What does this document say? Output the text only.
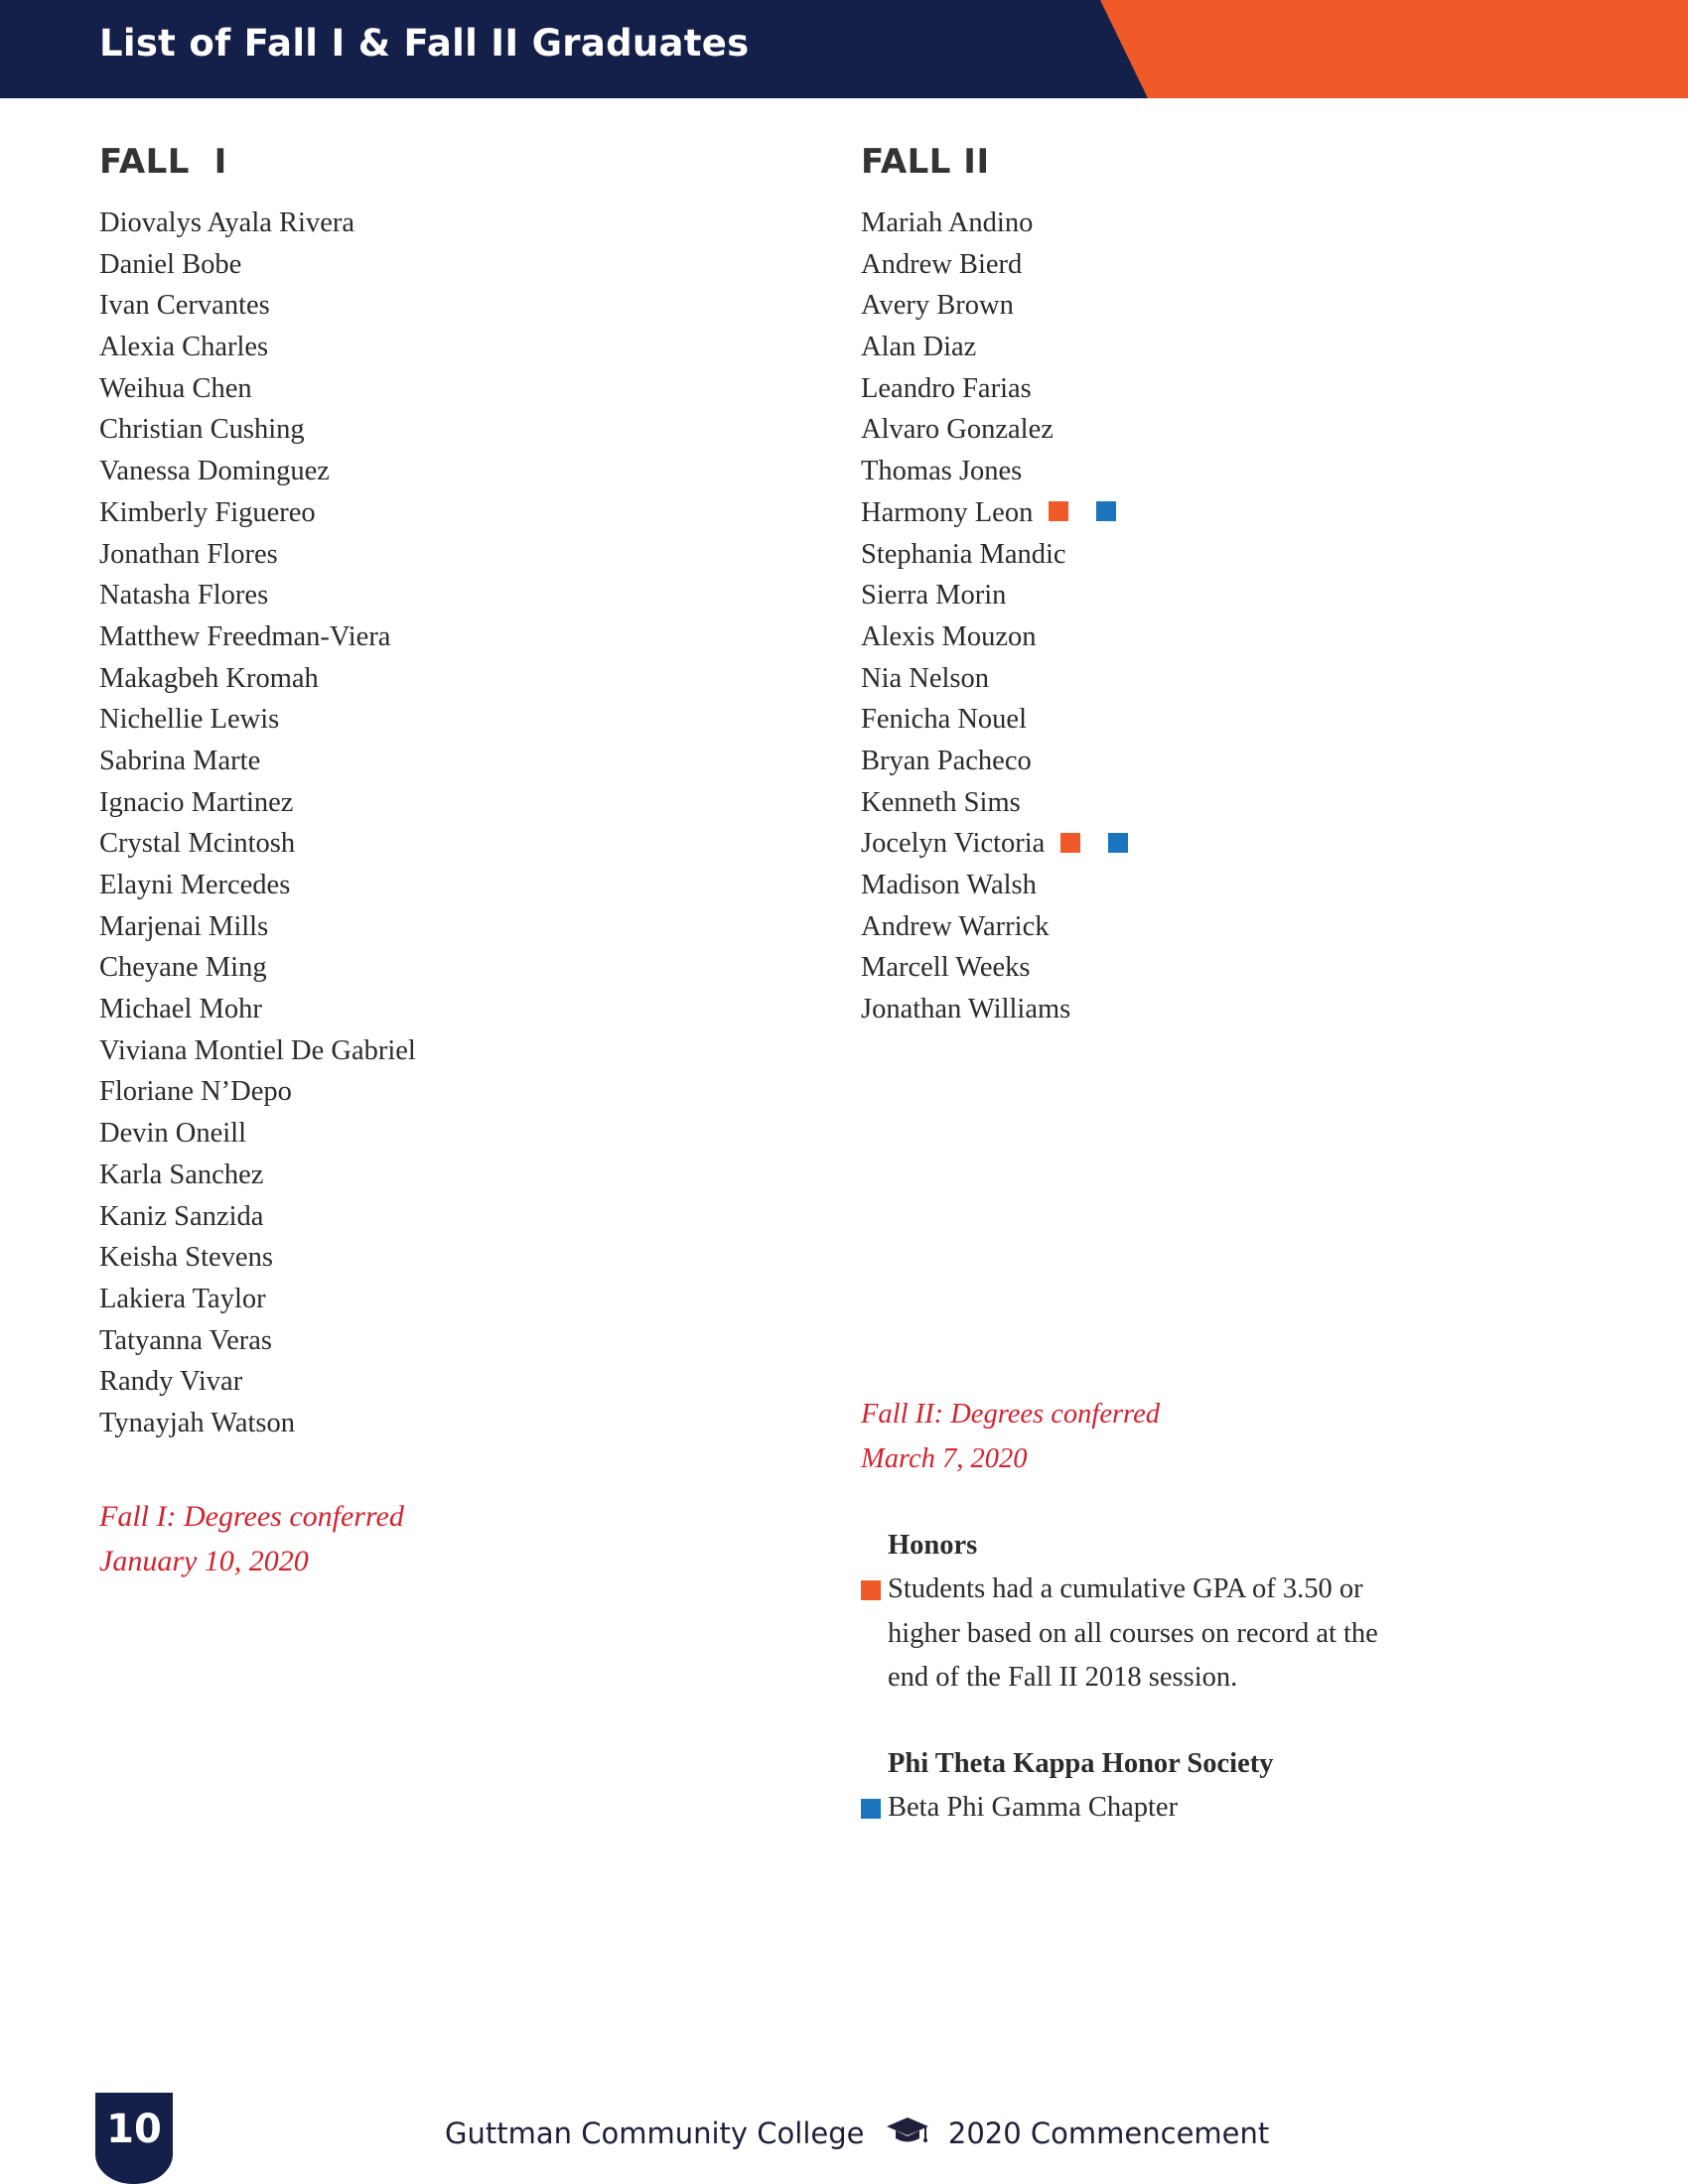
List of Fall I & Fall II Graduates
FALL  I
Diovalys Ayala Rivera
Daniel Bobe
Ivan Cervantes
Alexia Charles
Weihua Chen
Christian Cushing
Vanessa Dominguez
Kimberly Figuereo
Jonathan Flores
Natasha Flores
Matthew Freedman-Viera
Makagbeh Kromah
Nichellie Lewis
Sabrina Marte
Ignacio Martinez
Crystal Mcintosh
Elayni Mercedes
Marjenai Mills
Cheyane Ming
Michael Mohr
Viviana Montiel De Gabriel
Floriane N’Depo
Devin Oneill
Karla Sanchez
Kaniz Sanzida
Keisha Stevens
Lakiera Taylor
Tatyanna Veras
Randy Vivar
Tynayjah Watson
FALL II
Mariah Andino
Andrew Bierd
Avery Brown
Alan Diaz
Leandro Farias
Alvaro Gonzalez
Thomas Jones
Harmony Leon
Stephania Mandic
Sierra Morin
Alexis Mouzon
Nia Nelson
Fenicha Nouel
Bryan Pacheco
Kenneth Sims
Jocelyn Victoria
Madison Walsh
Andrew Warrick
Marcell Weeks
Jonathan Williams
Fall I: Degrees conferred
January 10, 2020
Fall II: Degrees conferred
March 7, 2020
Honors
Students had a cumulative GPA of 3.50 or higher based on all courses on record at the end of the Fall II 2018 session.
Phi Theta Kappa Honor Society
Beta Phi Gamma Chapter
10	Guttman Community College	2020 Commencement
